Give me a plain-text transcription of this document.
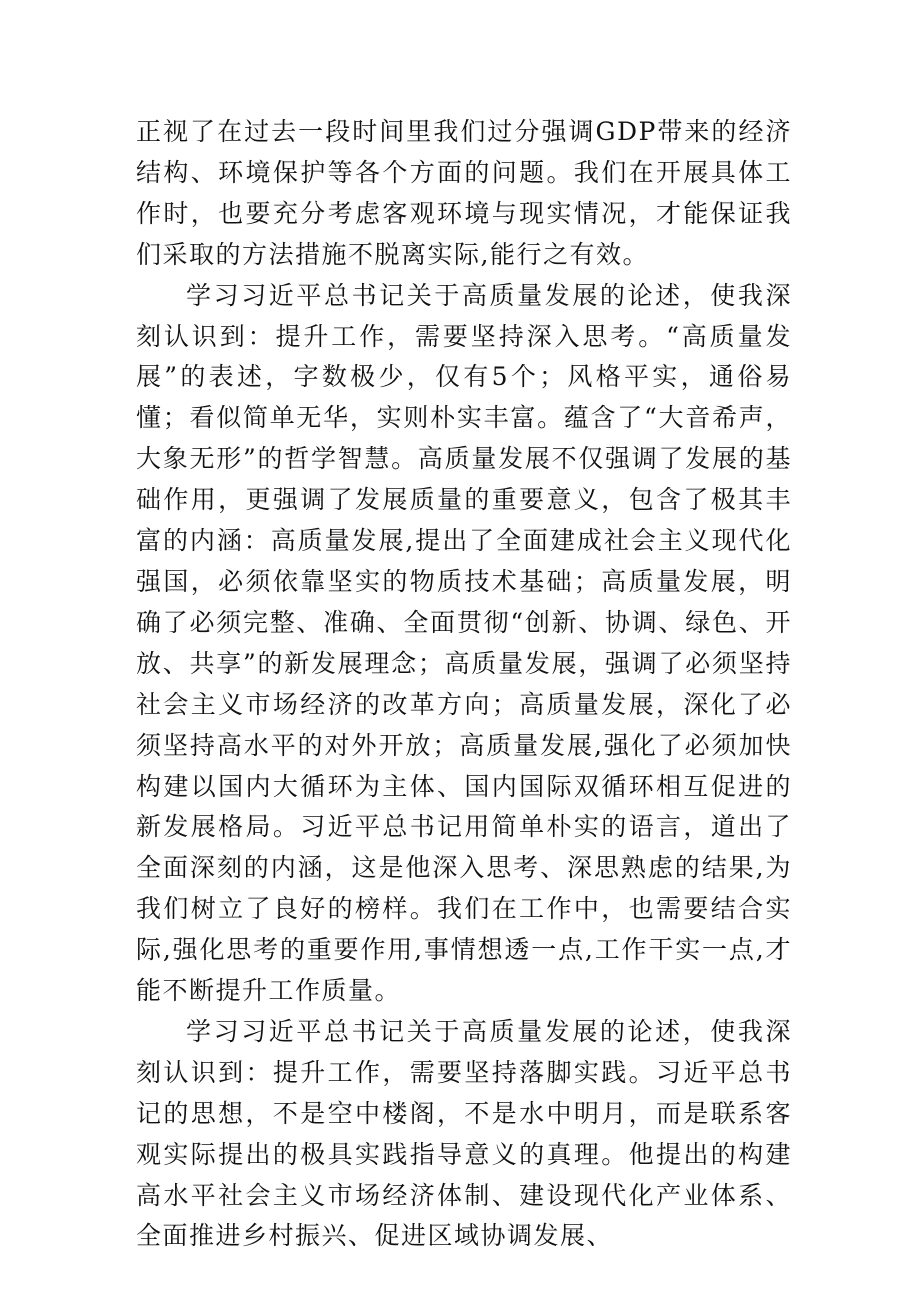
正视了在过去一段时间里我们过分强调GDP带来的经济结构、环境保护等各个方面的问题。我们在开展具体工作时，也要充分考虑客观环境与现实情况，才能保证我们采取的方法措施不脱离实际,能行之有效。

学习习近平总书记关于高质量发展的论述，使我深刻认识到：提升工作，需要坚持深入思考。“高质量发展”的表述，字数极少，仅有5个；风格平实，通俗易懂；看似简单无华，实则朴实丰富。蕴含了“大音希声，大象无形”的哲学智慧。高质量发展不仅强调了发展的基础作用，更强调了发展质量的重要意义，包含了极其丰富的内涵：高质量发展,提出了全面建成社会主义现代化强国，必须依靠坚实的物质技术基础；高质量发展，明确了必须完整、准确、全面贯彻“创新、协调、绿色、开放、共享”的新发展理念；高质量发展，强调了必须坚持社会主义市场经济的改革方向；高质量发展，深化了必须坚持高水平的对外开放；高质量发展,强化了必须加快构建以国内大循环为主体、国内国际双循环相互促进的新发展格局。习近平总书记用简单朴实的语言，道出了全面深刻的内涵，这是他深入思考、深思熟虑的结果,为我们树立了良好的榜样。我们在工作中，也需要结合实际,强化思考的重要作用,事情想透一点,工作干实一点,才能不断提升工作质量。

学习习近平总书记关于高质量发展的论述，使我深刻认识到：提升工作，需要坚持落脚实践。习近平总书记的思想，不是空中楼阁，不是水中明月，而是联系客观实际提出的极具实践指导意义的真理。他提出的构建高水平社会主义市场经济体制、建设现代化产业体系、全面推进乡村振兴、促进区域协调发展、
